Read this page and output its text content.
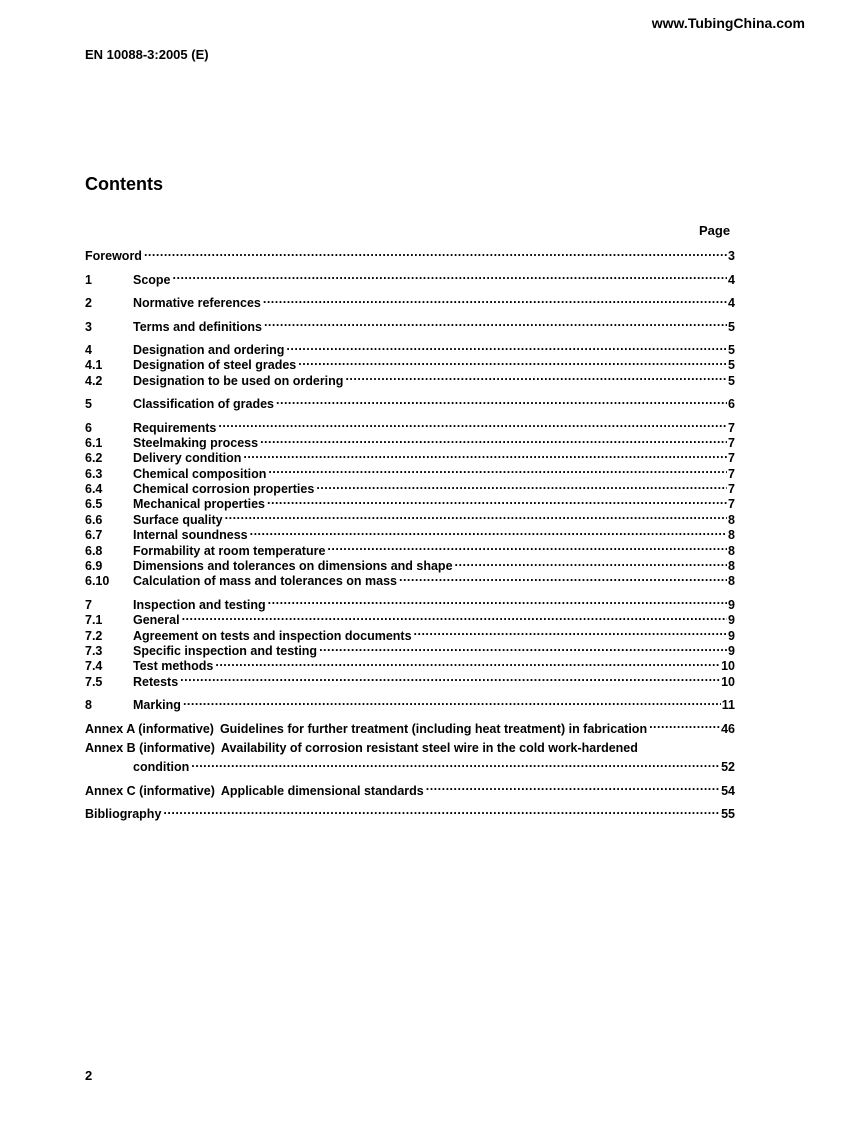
www.TubingChina.com
EN 10088-3:2005 (E)
Contents
Page
Foreword .....	3
1	Scope .....	4
2	Normative references .....	4
3	Terms and definitions .....	5
4	Designation and ordering .....	5
4.1	Designation of steel grades .....	5
4.2	Designation to be used on ordering .....	5
5	Classification of grades .....	6
6	Requirements .....	7
6.1	Steelmaking process .....	7
6.2	Delivery condition .....	7
6.3	Chemical composition .....	7
6.4	Chemical corrosion properties .....	7
6.5	Mechanical properties .....	7
6.6	Surface quality .....	8
6.7	Internal soundness .....	8
6.8	Formability at room temperature .....	8
6.9	Dimensions and tolerances on dimensions and shape .....	8
6.10	Calculation of mass and tolerances on mass .....	8
7	Inspection and testing .....	9
7.1	General .....	9
7.2	Agreement on tests and inspection documents .....	9
7.3	Specific inspection and testing .....	9
7.4	Test methods .....	10
7.5	Retests .....	10
8	Marking .....	11
Annex A (informative) Guidelines for further treatment (including heat treatment) in fabrication .....	46
Annex B (informative) Availability of corrosion resistant steel wire in the cold work-hardened
condition .....	52
Annex C (informative) Applicable dimensional standards .....	54
Bibliography .....	55
2
